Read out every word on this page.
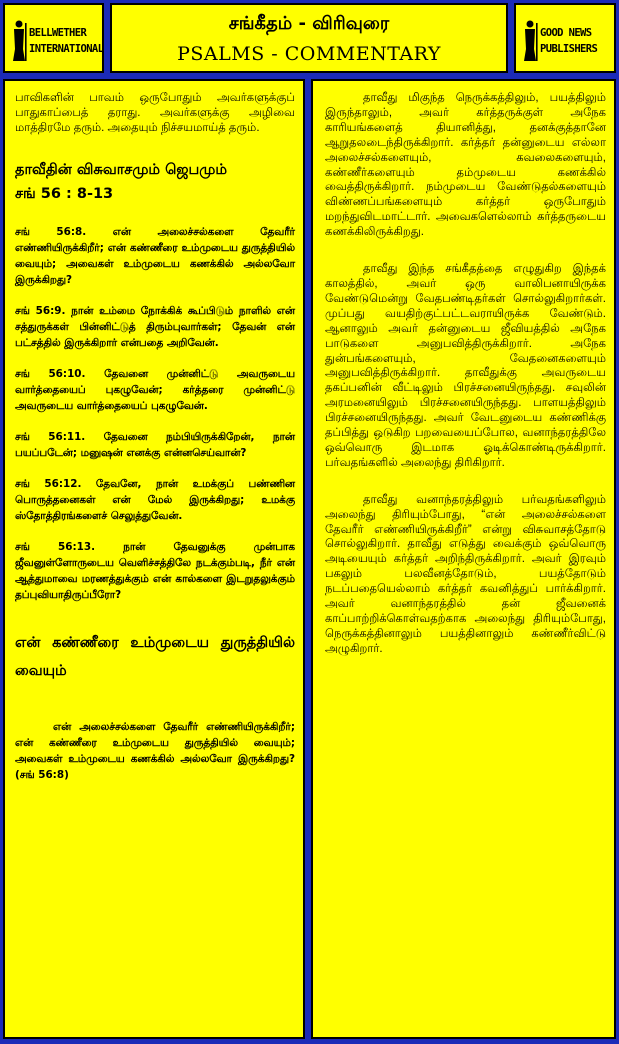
BELLWETHER
INTERNATIONAL
சங்கீதம் - விரிவுரை
PSALMS - COMMENTARY
GOOD NEWS
PUBLISHERS

பாவிகளின் பாவம் ஒருபோதும் அவர்களுக்குப் பாதுகாப்பைத் தராது. அவர்களுக்கு அழிவை மாத்திரமே தரும். அதையும் நிச்சயமாய்த் தரும்.

தாவீதின் விசுவாசமும் ஜெபமும்

சங் 56 : 8-13

சங் 56:8. என் அலைச்சல்களை தேவரீர் எண்ணியிருக்கிறீர்; என் கண்ணீரை உம்முடைய துருத்தியில் வையும்; அவைகள் உம்முடைய கணக்கில் அல்லவோ இருக்கிறது?

சங் 56:9. நான் உம்மை நோக்கிக் கூப்பிடும் நாளில் என் சத்துருக்கள் பின்னிட்டுத் திரும்புவார்கள்; தேவன் என் பட்சத்தில் இருக்கிறார் என்பதை அறிவேன்.

சங் 56:10. தேவனை முன்னிட்டு அவருடைய வார்த்தையைப் புகழுவேன்; கர்த்தரை முன்னிட்டு அவருடைய வார்த்தையைப் புகழுவேன்.

சங் 56:11. தேவனை நம்பியிருக்கிறேன், நான் பயப்படேன்; மனுஷன் எனக்கு என்னசெய்வான்?

சங் 56:12. தேவனே, நான் உமக்குப் பண்ணின பொருத்தனைகள் என் மேல் இருக்கிறது; உமக்கு ஸ்தோத்திரங்களைச் செலுத்துவேன்.

சங் 56:13. நான் தேவனுக்கு முன்பாக ஜீவனுள்ளோருடைய வெளிச்சத்திலே நடக்கும்படி, நீர் என் ஆத்துமாவை மரணத்துக்கும் என் கால்களை இடறுதலுக்கும் தப்புவியாதிருப்பீரோ?

என் கண்ணீரை உம்முடைய துருத்தியில் வையும்

என் அலைச்சல்களை தேவரீர் எண்ணியிருக்கிறீர்; என் கண்ணீரை உம்முடைய துருத்தியில் வையும்; அவைகள் உம்முடைய கணக்கில் அல்லவோ இருக்கிறது? (சங் 56:8)

தாவீது மிகுந்த நெருக்கத்திலும், பயத்திலும் இருந்தாலும், அவர் கர்த்தருக்குள் அநேக காரியங்களைத் தியானித்து, தனக்குத்தானே ஆறுதலடைந்திருக்கிறார். கர்த்தர் தன்னுடைய எல்லா அலைச்சல்களையும், கவலைகளையும், கண்ணீர்களையும் தம்முடைய கணக்கில் வைத்திருக்கிறார். நம்முடைய வேண்டுதல்களையும் விண்ணப்பங்களையும் கர்த்தர் ஒருபோதும் மறந்துவிடமாட்டார். அவைகளெல்லாம் கர்த்தருடைய கணக்கிலிருக்கிறது.

தாவீது இந்த சங்கீதத்தை எழுதுகிற இந்தக் காலத்தில், அவர் ஒரு வாலிபனாயிருக்க வேண்டுமென்று வேதபண்டிதர்கள் சொல்லுகிறார்கள். முப்பது வயதிற்குட்பட்டவராயிருக்க வேண்டும். ஆனாலும் அவர் தன்னுடைய ஜீவியத்தில் அநேக பாடுகளை அனுபவித்திருக்கிறார். அநேக துன்பங்களையும், வேதனைகளையும் அனுபவித்திருக்கிறார். தாவீதுக்கு அவருடைய தகப்பனின் வீட்டிலும் பிரச்சனையிருந்தது. சவுலின் அரமனையிலும் பிரச்சனையிருந்தது. பாளயத்திலும் பிரச்சனையிருந்தது. அவர் வேடனுடைய கண்ணிக்கு தப்பித்து ஒடுகிற பறவையைப்போல, வனாந்தரத்திலே ஒவ்வொரு இடமாக ஓடிக்கொண்டிருக்கிறார். பர்வதங்களில் அலைந்து திரிகிறார்.

தாவீது வனாந்தரத்திலும் பர்வதங்களிலும் அலைந்து திரியும்போது, “என் அலைச்சல்களை தேவரீர் எண்ணியிருக்கிறீர்” என்று விசுவாசத்தோடு சொல்லுகிறார். தாவீது எடுத்து வைக்கும் ஒவ்வொரு அடியையும் கர்த்தர் அறிந்திருக்கிறார். அவர் இரவும் பகலும் பலவீனத்தோடும், பயத்தோடும் நடப்பதையெல்லாம் கர்த்தர் கவனித்துப் பார்க்கிறார். அவர் வனாந்தரத்தில் தன் ஜீவனைக் காப்பாற்றிக்கொள்வதற்காக அலைந்து திரியும்போது, நெருக்கத்தினாலும் பயத்தினாலும் கண்ணீர்விட்டு அழுகிறார்.
